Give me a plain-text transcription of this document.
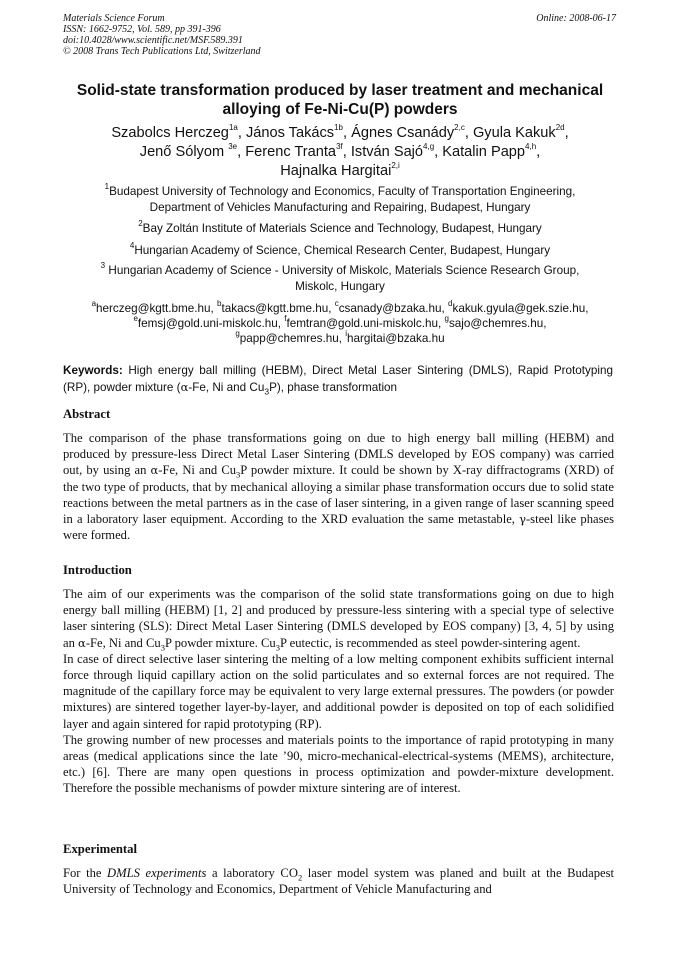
Materials Science Forum
ISSN: 1662-9752, Vol. 589, pp 391-396
doi:10.4028/www.scientific.net/MSF.589.391
© 2008 Trans Tech Publications Ltd, Switzerland
Online: 2008-06-17
Solid-state transformation produced by laser treatment and mechanical
alloying of Fe-Ni-Cu(P) powders
Szabolcs Herczeg$^{1a}$, János Takács$^{1b}$, Ágnes Csanády$^{2,c}$, Gyula Kakuk$^{2d}$,
Jenő Sólyom $^{3e}$, Ferenc Tranta$^{3f}$, István Sajó$^{4,g}$, Katalin Papp$^{4,h}$,
Hajnalka Hargitai$^{2,i}$
$^1$Budapest University of Technology and Economics, Faculty of Transportation Engineering,
Department of Vehicles Manufacturing and Repairing, Budapest, Hungary
$^2$Bay Zoltán Institute of Materials Science and Technology, Budapest, Hungary
$^4$Hungarian Academy of Science, Chemical Research Center, Budapest, Hungary
$^3$ Hungarian Academy of Science - University of Miskolc, Materials Science Research Group,
Miskolc, Hungary
$^a$herczeg@kgtt.bme.hu, $^b$takacs@kgtt.bme.hu, $^c$csanady@bzaka.hu, $^d$kakuk.gyula@gek.szie.hu,
$^e$femsj@gold.uni-miskolc.hu, $^f$femtran@gold.uni-miskolc.hu, $^g$sajo@chemres.hu,
$^g$papp@chemres.hu, $^i$hargitai@bzaka.hu
Keywords: High energy ball milling (HEBM), Direct Metal Laser Sintering (DMLS), Rapid Prototyping (RP), powder mixture (α-Fe, Ni and $Cu_3P$), phase transformation
Abstract
The comparison of the phase transformations going on due to high energy ball milling (HEBM) and produced by pressure-less Direct Metal Laser Sintering (DMLS developed by EOS company) was carried out, by using an α-Fe, Ni and $Cu_3P$ powder mixture. It could be shown by X-ray diffractograms (XRD) of the two type of products, that by mechanical alloying a similar phase transformation occurs due to solid state reactions between the metal partners as in the case of laser sintering, in a given range of laser scanning speed in a laboratory laser equipment. According to the XRD evaluation the same metastable, γ-steel like phases were formed.
Introduction

The aim of our experiments was the comparison of the solid state transformations going on due to high energy ball milling (HEBM) [1, 2] and produced by pressure-less sintering with a special type of selective laser sintering (SLS): Direct Metal Laser Sintering (DMLS developed by EOS company) [3, 4, 5] by using an α-Fe, Ni and $Cu_3P$ powder mixture. $Cu_3P$ eutectic, is recommended as steel powder-sintering agent.

In case of direct selective laser sintering the melting of a low melting component exhibits sufficient internal force through liquid capillary action on the solid particulates and so external forces are not required. The magnitude of the capillary force may be equivalent to very large external pressures. The powders (or powder mixtures) are sintered together layer-by-layer, and additional powder is deposited on top of each solidified layer and again sintered for rapid prototyping (RP).

The growing number of new processes and materials points to the importance of rapid prototyping in many areas (medical applications since the late ’90, micro-mechanical-electrical-systems (MEMS), architecture, etc.) [6]. There are many open questions in process optimization and powder-mixture development. Therefore the possible mechanisms of powder mixture sintering are of interest.

Experimental
For the DMLS experiments a laboratory $CO_2$ laser model system was planed and built at the Budapest University of Technology and Economics, Department of Vehicle Manufacturing and
